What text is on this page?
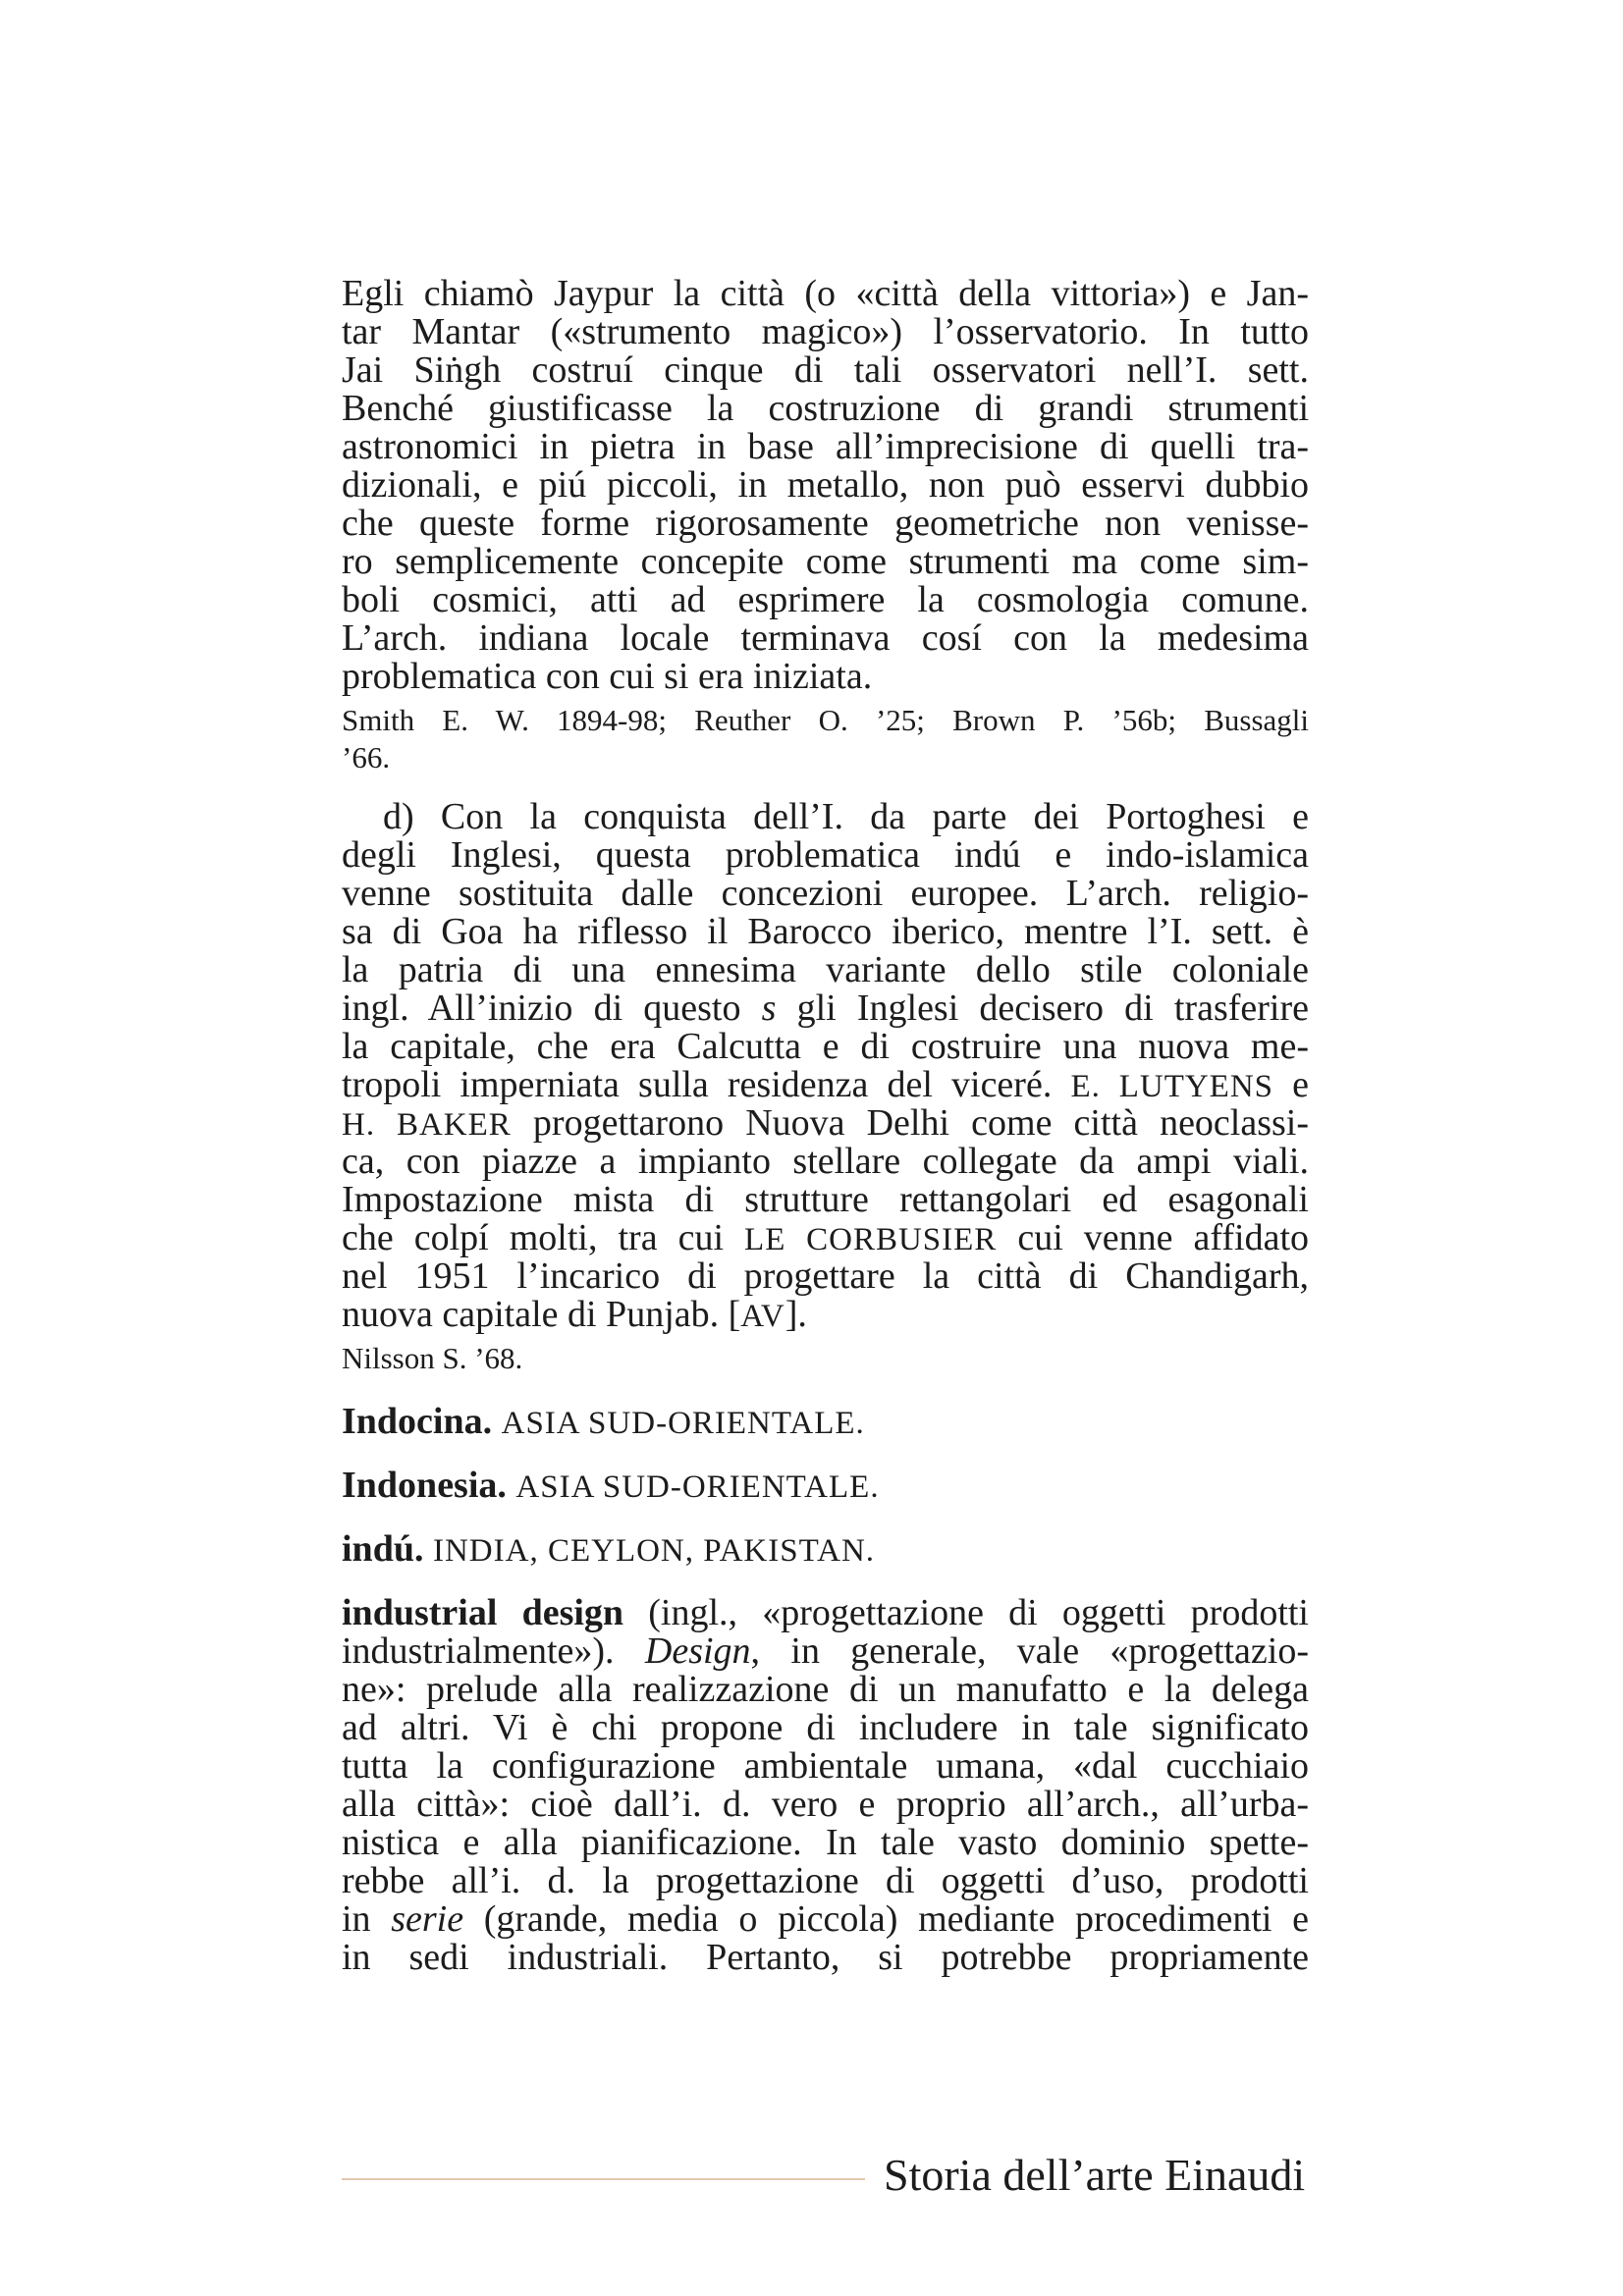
Egli chiamò Jaypur la città (o «città della vittoria») e Jan-
tar Mantar («strumento magico») l’osservatorio. In tutto
Jai Siṅgh costruí cinque di tali osservatori nell’I. sett.
Benché giustificasse la costruzione di grandi strumenti
astronomici in pietra in base all’imprecisione di quelli tra-
dizionali, e piú piccoli, in metallo, non può esservi dubbio
che queste forme rigorosamente geometriche non venisse-
ro semplicemente concepite come strumenti ma come sim-
boli cosmici, atti ad esprimere la cosmologia comune.
L’arch. indiana locale terminava cosí con la medesima
problematica con cui si era iniziata.
Smith E. W. 1894-98; Reuther O. ’25; Brown P. ’56b; Bussagli
’66.
d) Con la conquista dell’I. da parte dei Portoghesi e
degli Inglesi, questa problematica indú e indo-islamica
venne sostituita dalle concezioni europee. L’arch. religio-
sa di Goa ha riflesso il Barocco iberico, mentre l’I. sett. è
la patria di una ennesima variante dello stile coloniale
ingl. All’inizio di questo s gli Inglesi decisero di trasferire
la capitale, che era Calcutta e di costruire una nuova me-
tropoli imperniata sulla residenza del viceré. E. LUTYENS e
H. BAKER progettarono Nuova Delhi come città neoclassi-
ca, con piazze a impianto stellare collegate da ampi viali.
Impostazione mista di strutture rettangolari ed esagonali
che colpí molti, tra cui LE CORBUSIER cui venne affidato
nel 1951 l’incarico di progettare la città di Chandigarh,
nuova capitale di Punjab. [AV].
Nilsson S. ’68.
Indocina. ASIA SUD-ORIENTALE.
Indonesia. ASIA SUD-ORIENTALE.
indú. INDIA, CEYLON, PAKISTAN.
industrial design (ingl., «progettazione di oggetti prodotti
industrialmente»). Design, in generale, vale «progettazio-
ne»: prelude alla realizzazione di un manufatto e la delega
ad altri. Vi è chi propone di includere in tale significato
tutta la configurazione ambientale umana, «dal cucchiaio
alla città»: cioè dall’i. d. vero e proprio all’arch., all’urba-
nistica e alla pianificazione. In tale vasto dominio spette-
rebbe all’i. d. la progettazione di oggetti d’uso, prodotti
in serie (grande, media o piccola) mediante procedimenti e
in sedi industriali. Pertanto, si potrebbe propriamente
Storia dell’arte Einaudi
